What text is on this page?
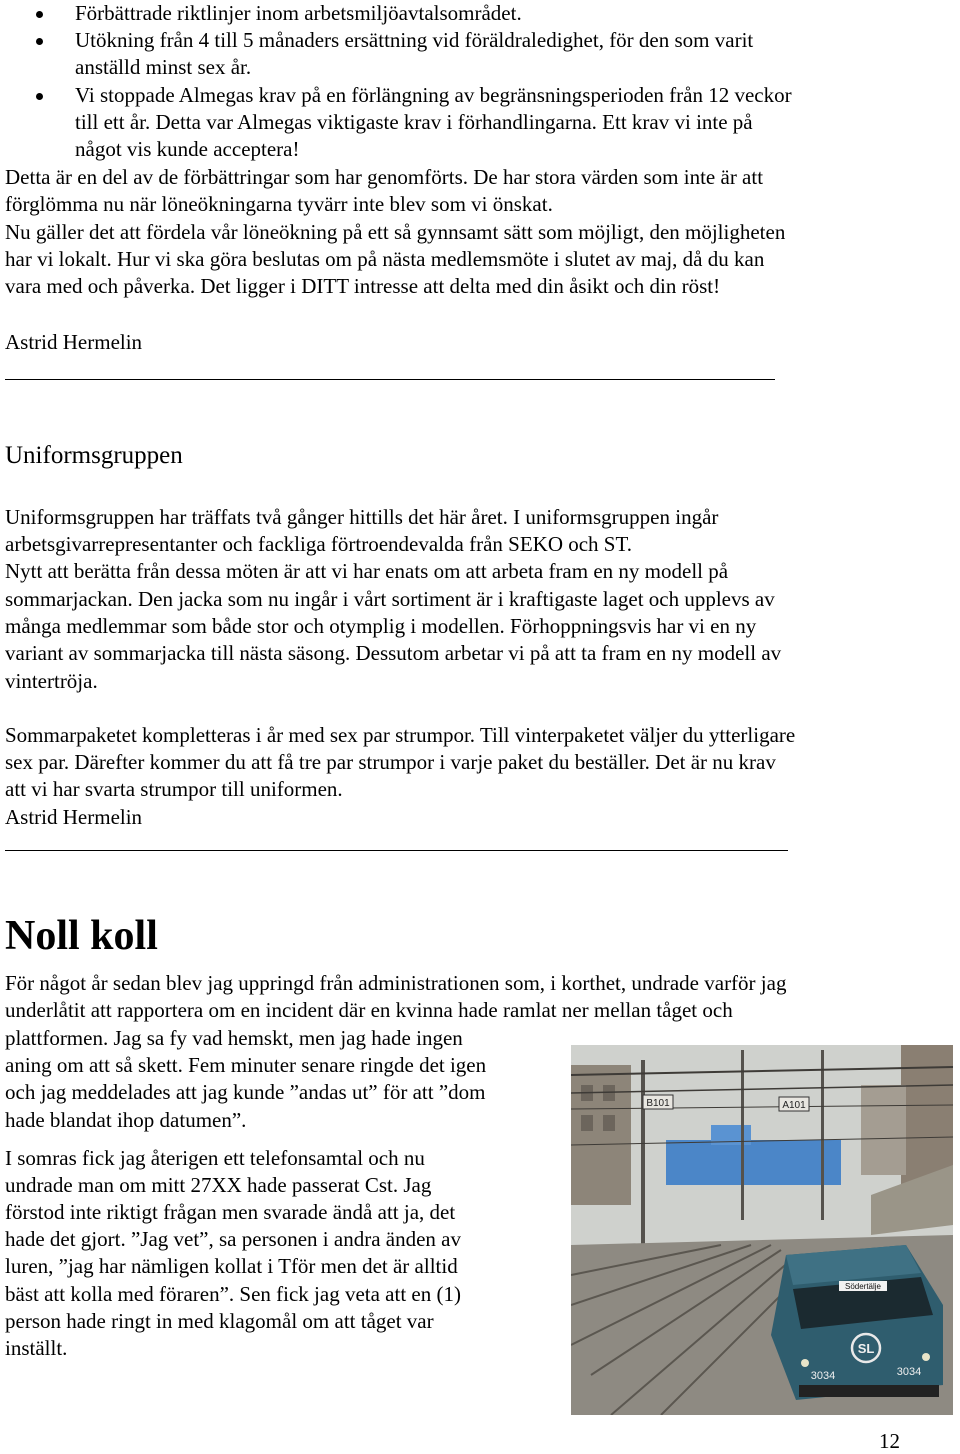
Förbättrade riktlinjer inom arbetsmiljöavtalsområdet.

Utökning från 4 till 5 månaders ersättning vid föräldraledighet, för den som varit

anställd minst sex år.

Vi stoppade Almegas krav på en förlängning av begränsningsperioden från 12 veckor

till ett år. Detta var Almegas viktigaste krav i förhandlingarna. Ett krav vi inte på

något vis kunde acceptera!

Detta är en del av de förbättringar som har genomförts. De har stora värden som inte är att

förglömma nu när löneökningarna tyvärr inte blev som vi önskat.

Nu gäller det att fördela vår löneökning på ett så gynnsamt sätt som möjligt, den möjligheten

har vi lokalt. Hur vi ska göra beslutas om på nästa medlemsmöte i slutet av maj, då du kan

vara med och påverka. Det ligger i DITT intresse att delta med din åsikt och din röst!

Astrid Hermelin

Uniformsgruppen

Uniformsgruppen har träffats två gånger hittills det här året. I uniformsgruppen ingår

arbetsgivarrepresentanter och fackliga förtroendevalda från SEKO och ST.

Nytt att berätta från dessa möten är att vi har enats om att arbeta fram en ny modell på

sommarjackan. Den jacka som nu ingår i vårt sortiment är i kraftigaste laget och upplevs av

många medlemmar som både stor och otymplig i modellen. Förhoppningsvis har vi en ny

variant av sommarjacka till nästa säsong. Dessutom arbetar vi på att ta fram en ny modell av

vintertröja.

Sommarpaketet kompletteras i år med sex par strumpor. Till vinterpaketet väljer du ytterligare

sex par. Därefter kommer du att få tre par strumpor i varje paket du beställer. Det är nu krav

att vi har svarta strumpor till uniformen.

Astrid Hermelin

Noll koll

För något år sedan blev jag uppringd från administrationen som, i korthet, undrade varför jag

underlåtit att rapportera om en incident där en kvinna hade ramlat ner mellan tåget och

plattformen. Jag sa fy vad hemskt, men jag hade ingen

aning om att så skett. Fem minuter senare ringde det igen

och jag meddelades att jag kunde ”andas ut” för att ”dom

hade blandat ihop datumen”.

I somras fick jag återigen ett telefonsamtal och nu

undrade man om mitt 27XX hade passerat Cst. Jag

förstod inte riktigt frågan men svarade ändå att ja, det

hade det gjort. ”Jag vet”, sa personen i andra änden av

luren, ”jag har nämligen kollat i Tför men det är alltid

bäst att kolla med föraren”. Sen fick jag veta att en (1)

person hade ringt in med klagomål om att tåget var

inställt.

B101	A101
Södertälje
SL
3034	3034
12
